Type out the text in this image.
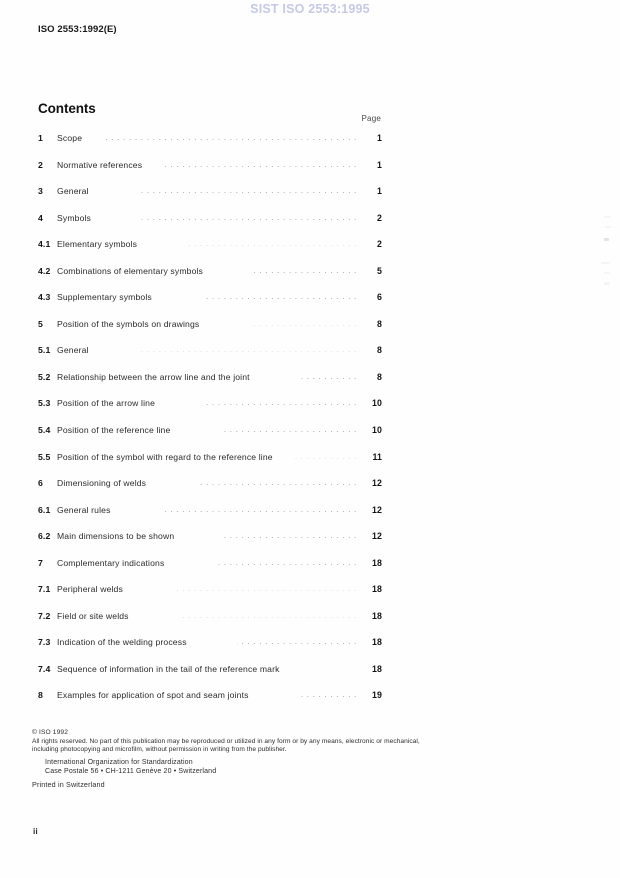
SIST ISO 2553:1995
ISO 2553:1992(E)
Contents
Page
1	Scope . . .	1
2	Normative references . . .	1
3	General . . .	1
4	Symbols . . .	2
4.1 Elementary symbols . . .	2
4.2 Combinations of elementary symbols . . .	5
4.3 Supplementary symbols . . .	6
5	Position of the symbols on drawings . . .	8
5.1 General . . .	8
5.2 Relationship between the arrow line and the joint . . .	8
5.3 Position of the arrow line . . .	10
5.4 Position of the reference line . . .	10
5.5 Position of the symbol with regard to the reference line . . .	11
6	Dimensioning of welds . . .	12
6.1 General rules . . .	12
6.2 Main dimensions to be shown . . .	12
7	Complementary indications . . .	18
7.1 Peripheral welds . . .	18
7.2 Field or site welds . . .	18
7.3 Indication of the welding process . . .	18
7.4 Sequence of information in the tail of the reference mark	18
8	Examples for application of spot and seam joints . . .	19
© ISO 1992
All rights reserved. No part of this publication may be reproduced or utilized in any form or by any means, electronic or mechanical, including photocopying and microfilm, without permission in writing from the publisher.
International Organization for Standardization
Case Postale 56 • CH-1211 Genève 20 • Switzerland
Printed in Switzerland
ii
